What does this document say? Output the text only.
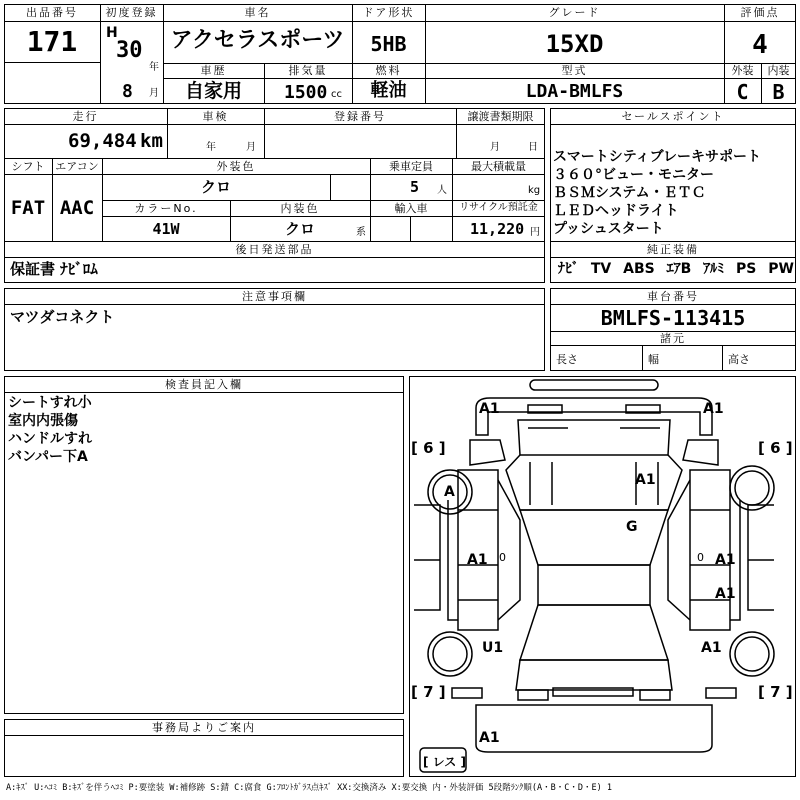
出品番号
171
初度登録
H
30
年
8 月
車名
アクセラスポーツ
ドア形状
5HB
グレード
15XD
評価点
4
車歴
自家用
排気量
1500 cc
燃料
軽油
型式
LDA-BMLFS
外装	内装
C	B
走行
69,484 km
車検
年	月
登録番号	譲渡書類期限
月	日
シフト エアコン
FAT AAC
外装色
クロ
乗車定員
5 人
最大積載量
kg
カラーNo.
41W
内装色
クロ	系
輸入車	リサイクル預託金
11,220 円
後日発送部品
保証書 ﾅﾋﾞﾛﾑ
セールスポイント
スマートシティブレーキサポート
３６０°ビュー・モニター
ＢＳＭシステム・ＥＴＣ
ＬＥＤヘッドライト
プッシュスタート
純正装備
ﾅﾋﾞ TV ABS ｴｱB ｱﾙﾐ PS PW
注意事項欄
マツダコネクト
車台番号
BMLFS-113415
諸元
長さ	幅	高さ
検査員記入欄
シートすれ小
室内内張傷
ハンドルすれ
バンパー下A
事務局よりご案内
A1	A1
[ 6 ]	[ 6 ]
A
A1
G
A1 0	A1
0
A1
U1	A1
[ 7 ]	[ 7 ]
A1
[ レス ]
A:ｷｽﾞ U:ﾍｺﾐ B:ｷｽﾞを伴うﾍｺﾐ P:要塗装 W:補修跡 S:錆 C:腐食 G:ﾌﾛﾝﾄｶﾞﾗｽ点ｷｽﾞ XX:交換済み X:要交換 内・外装評価 5段階ﾗﾝｸ順(A・B・C・D・E) 1
